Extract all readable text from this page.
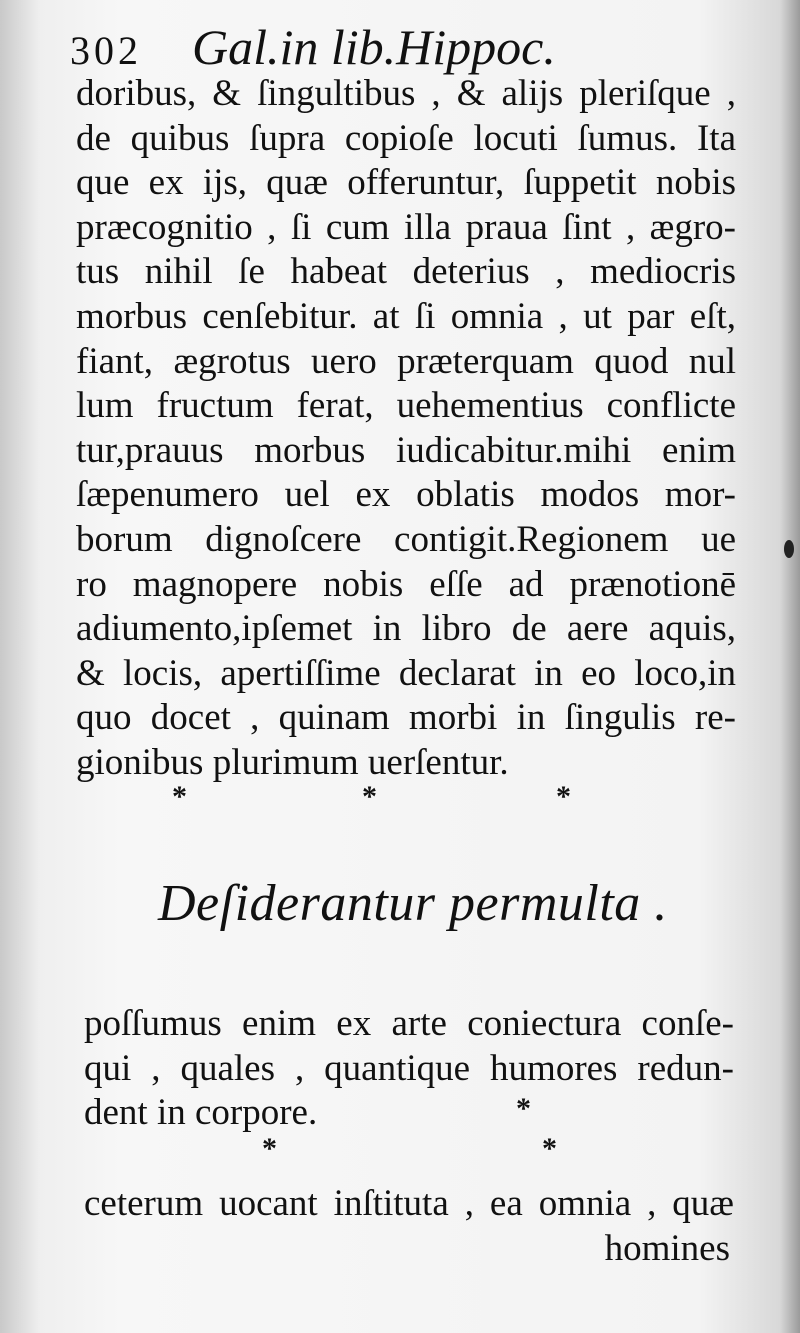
302 Gal.in lib.Hippoc.
doribus, & ſingultibus , & alijs pleriſque ,
de quibus ſupra copioſe locuti ſumus. Ita
que ex ijs, quæ offeruntur, ſuppetit nobis
præcognitio , ſi cum illa praua ſint , ægro-
tus nihil ſe habeat deterius , mediocris
morbus cenſebitur. at ſi omnia , ut par eſt,
fiant, ægrotus uero præterquam quod nul
lum fructum ferat, uehementius conflicte
tur,prauus morbus iudicabitur.mihi enim
ſæpenumero uel ex oblatis modos mor-
borum dignoſcere contigit.Regionem ue
ro magnopere nobis eſſe ad prænotionē
adiumento,ipſemet in libro de aere aquis,
& locis, apertiſſime declarat in eo loco,in
quo docet , quinam morbi in ſingulis re-
gionibus plurimum uerſentur.
*	*	*
Deſiderantur permulta .
poſſumus enim ex arte coniectura conſe-
qui , quales , quantique humores redun-
dent in corpore.	*
*	*
ceterum uocant inſtituta , ea omnia , quæ
homines
